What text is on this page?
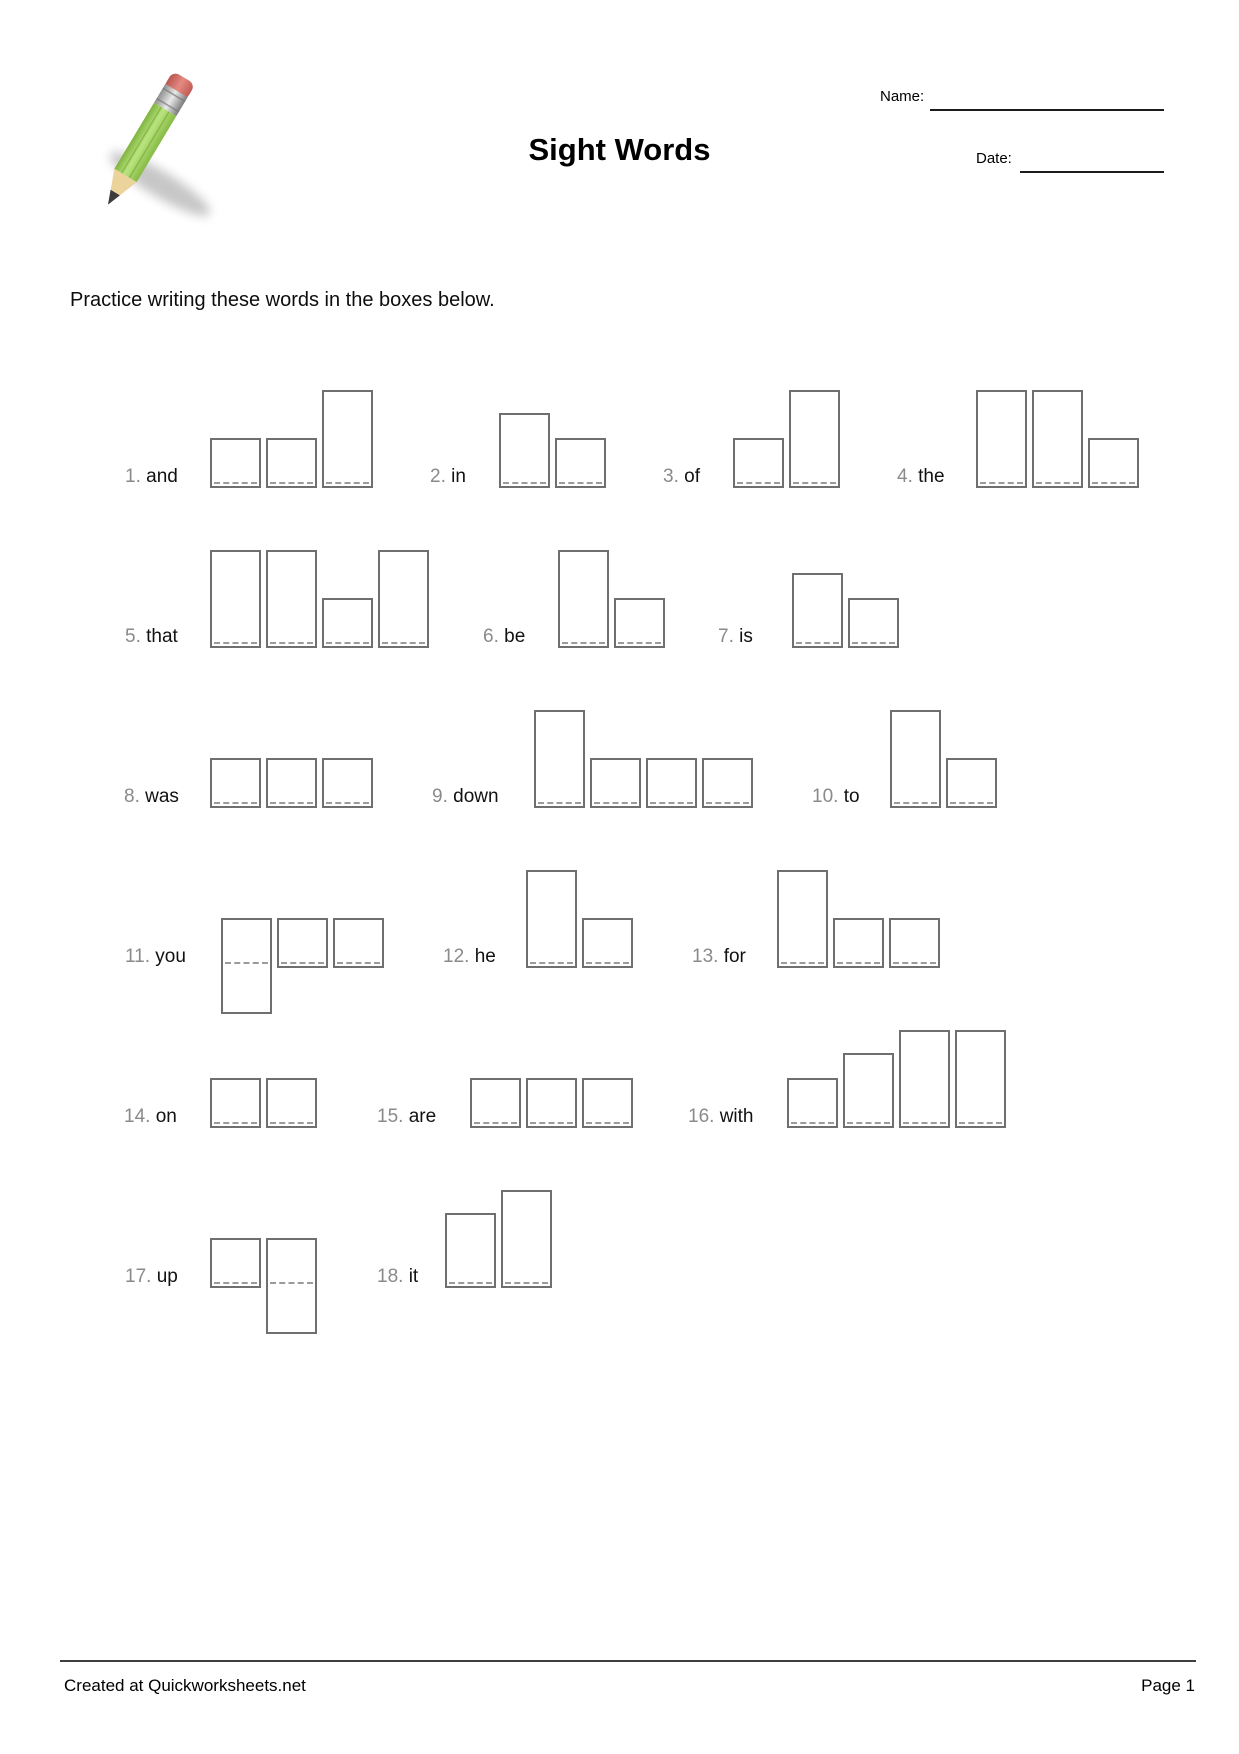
Sight Words
Name:
Date:
Practice writing these words in the boxes below.
1. and	2. in	3. of	4. the
5. that	6. be	7. is
8. was	9. down	10. to
11. you	12. he	13. for
14. on	15. are	16. with
17. up	18. it
Created at Quickworksheets.net	Page 1
